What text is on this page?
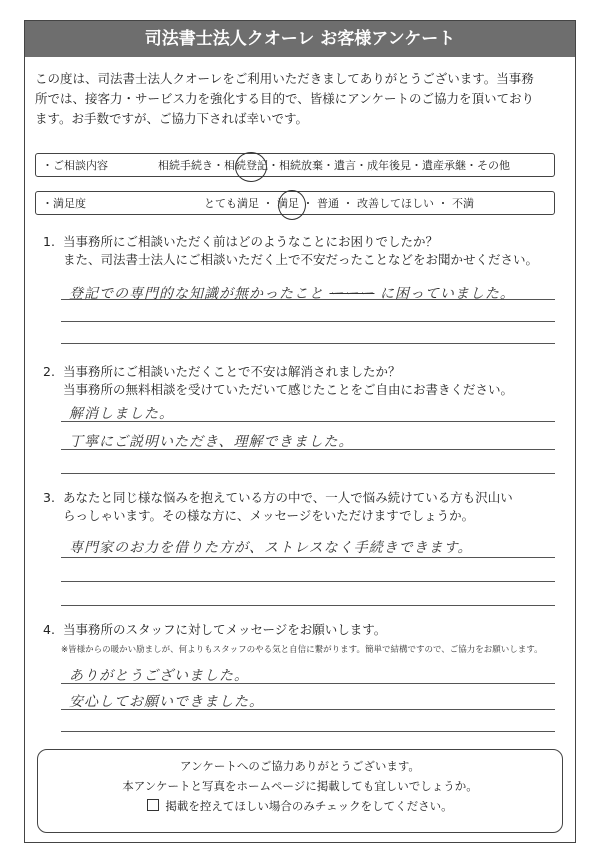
司法書士法人クオーレ お客様アンケート
この度は、司法書士法人クオーレをご利用いただきましてありがとうございます。当事務
所では、接客力・サービス力を強化する目的で、皆様にアンケートのご協力を頂いており
ます。お手数ですが、ご協力下されば幸いです。
・ご相談内容	相続手続き・相続登記・相続放棄・遺言・成年後見・遺産承継・その他
・満足度	とても満足 ・ 満足 ・ 普通 ・ 改善してほしい ・ 不満
1. 当事務所にご相談いただく前はどのようなことにお困りでしたか？
また、司法書士法人にご相談いただく上で不安だったことなどをお聞かせください。
登記での専門的な知識が無かったこと ーーー に困っていました。
2. 当事務所にご相談いただくことで不安は解消されましたか？
当事務所の無料相談を受けていただいて感じたことをご自由にお書きください。
解消しました。
丁寧にご説明いただき、理解できました。
3. あなたと同じ様な悩みを抱えている方の中で、一人で悩み続けている方も沢山い
らっしゃいます。その様な方に、メッセージをいただけますでしょうか。
専門家のお力を借りた方が、ストレスなく手続きできます。
4. 当事務所のスタッフに対してメッセージをお願いします。
※皆様からの暖かい励ましが、何よりもスタッフのやる気と自信に繋がります。簡単で結構ですので、ご協力をお願いします。
ありがとうございました。
安心してお願いできました。
アンケートへのご協力ありがとうございます。
本アンケートと写真をホームページに掲載しても宜しいでしょうか。
掲載を控えてほしい場合のみチェックをしてください。
